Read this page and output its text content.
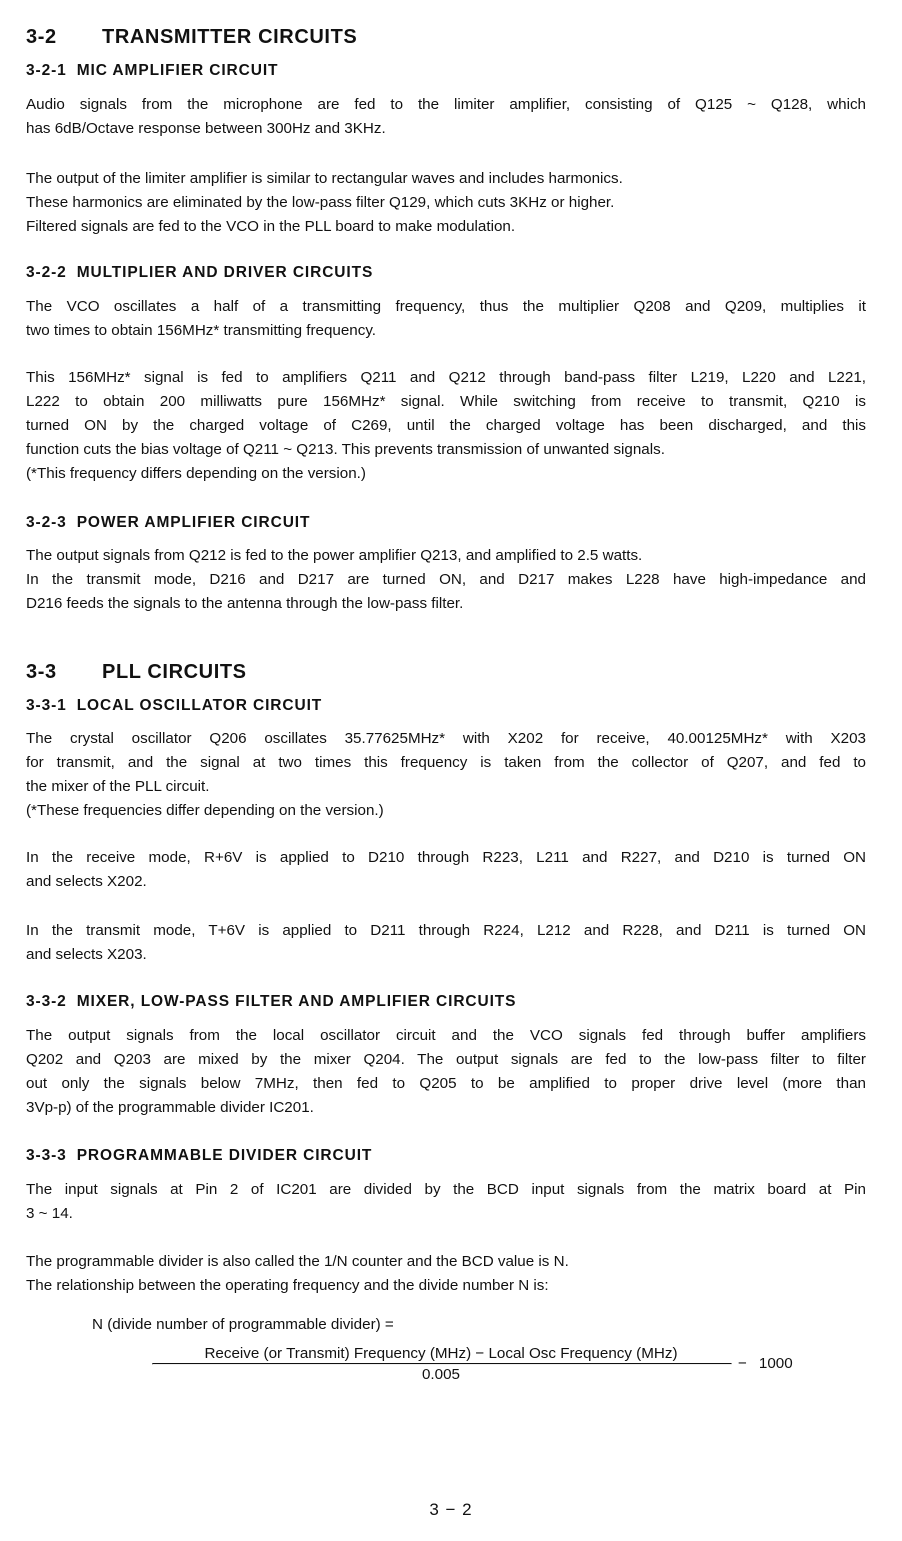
3-2 TRANSMITTER CIRCUITS
3-2-1 MIC AMPLIFIER CIRCUIT
Audio signals from the microphone are fed to the limiter amplifier, consisting of Q125 ~ Q128, which
has 6dB/Octave response between 300Hz and 3KHz.
The output of the limiter amplifier is similar to rectangular waves and includes harmonics.
These harmonics are eliminated by the low-pass filter Q129, which cuts 3KHz or higher.
Filtered signals are fed to the VCO in the PLL board to make modulation.
3-2-2 MULTIPLIER AND DRIVER CIRCUITS
The VCO oscillates a half of a transmitting frequency, thus the multiplier Q208 and Q209, multiplies it
two times to obtain 156MHz* transmitting frequency.
This 156MHz* signal is fed to amplifiers Q211 and Q212 through band-pass filter L219, L220 and L221,
L222 to obtain 200 milliwatts pure 156MHz* signal. While switching from receive to transmit, Q210 is
turned ON by the charged voltage of C269, until the charged voltage has been discharged, and this
function cuts the bias voltage of Q211 ~ Q213. This prevents transmission of unwanted signals.
(*This frequency differs depending on the version.)
3-2-3 POWER AMPLIFIER CIRCUIT
The output signals from Q212 is fed to the power amplifier Q213, and amplified to 2.5 watts.
In the transmit mode, D216 and D217 are turned ON, and D217 makes L228 have high-impedance and
D216 feeds the signals to the antenna through the low-pass filter.
3-3 PLL CIRCUITS
3-3-1 LOCAL OSCILLATOR CIRCUIT
The crystal oscillator Q206 oscillates 35.77625MHz* with X202 for receive, 40.00125MHz* with X203
for transmit, and the signal at two times this frequency is taken from the collector of Q207, and fed to
the mixer of the PLL circuit.
(*These frequencies differ depending on the version.)
In the receive mode, R+6V is applied to D210 through R223, L211 and R227, and D210 is turned ON
and selects X202.
In the transmit mode, T+6V is applied to D211 through R224, L212 and R228, and D211 is turned ON
and selects X203.
3-3-2 MIXER, LOW-PASS FILTER AND AMPLIFIER CIRCUITS
The output signals from the local oscillator circuit and the VCO signals fed through buffer amplifiers
Q202 and Q203 are mixed by the mixer Q204. The output signals are fed to the low-pass filter to filter
out only the signals below 7MHz, then fed to Q205 to be amplified to proper drive level (more than
3Vp-p) of the programmable divider IC201.
3-3-3 PROGRAMMABLE DIVIDER CIRCUIT
The input signals at Pin 2 of IC201 are divided by the BCD input signals from the matrix board at Pin
3 ~ 14.
The programmable divider is also called the 1/N counter and the BCD value is N.
The relationship between the operating frequency and the divide number N is:
N (divide number of programmable divider) =
Receive (or Transmit) Frequency (MHz) − Local Osc Frequency (MHz)
0.005
− 1000
3 − 2
